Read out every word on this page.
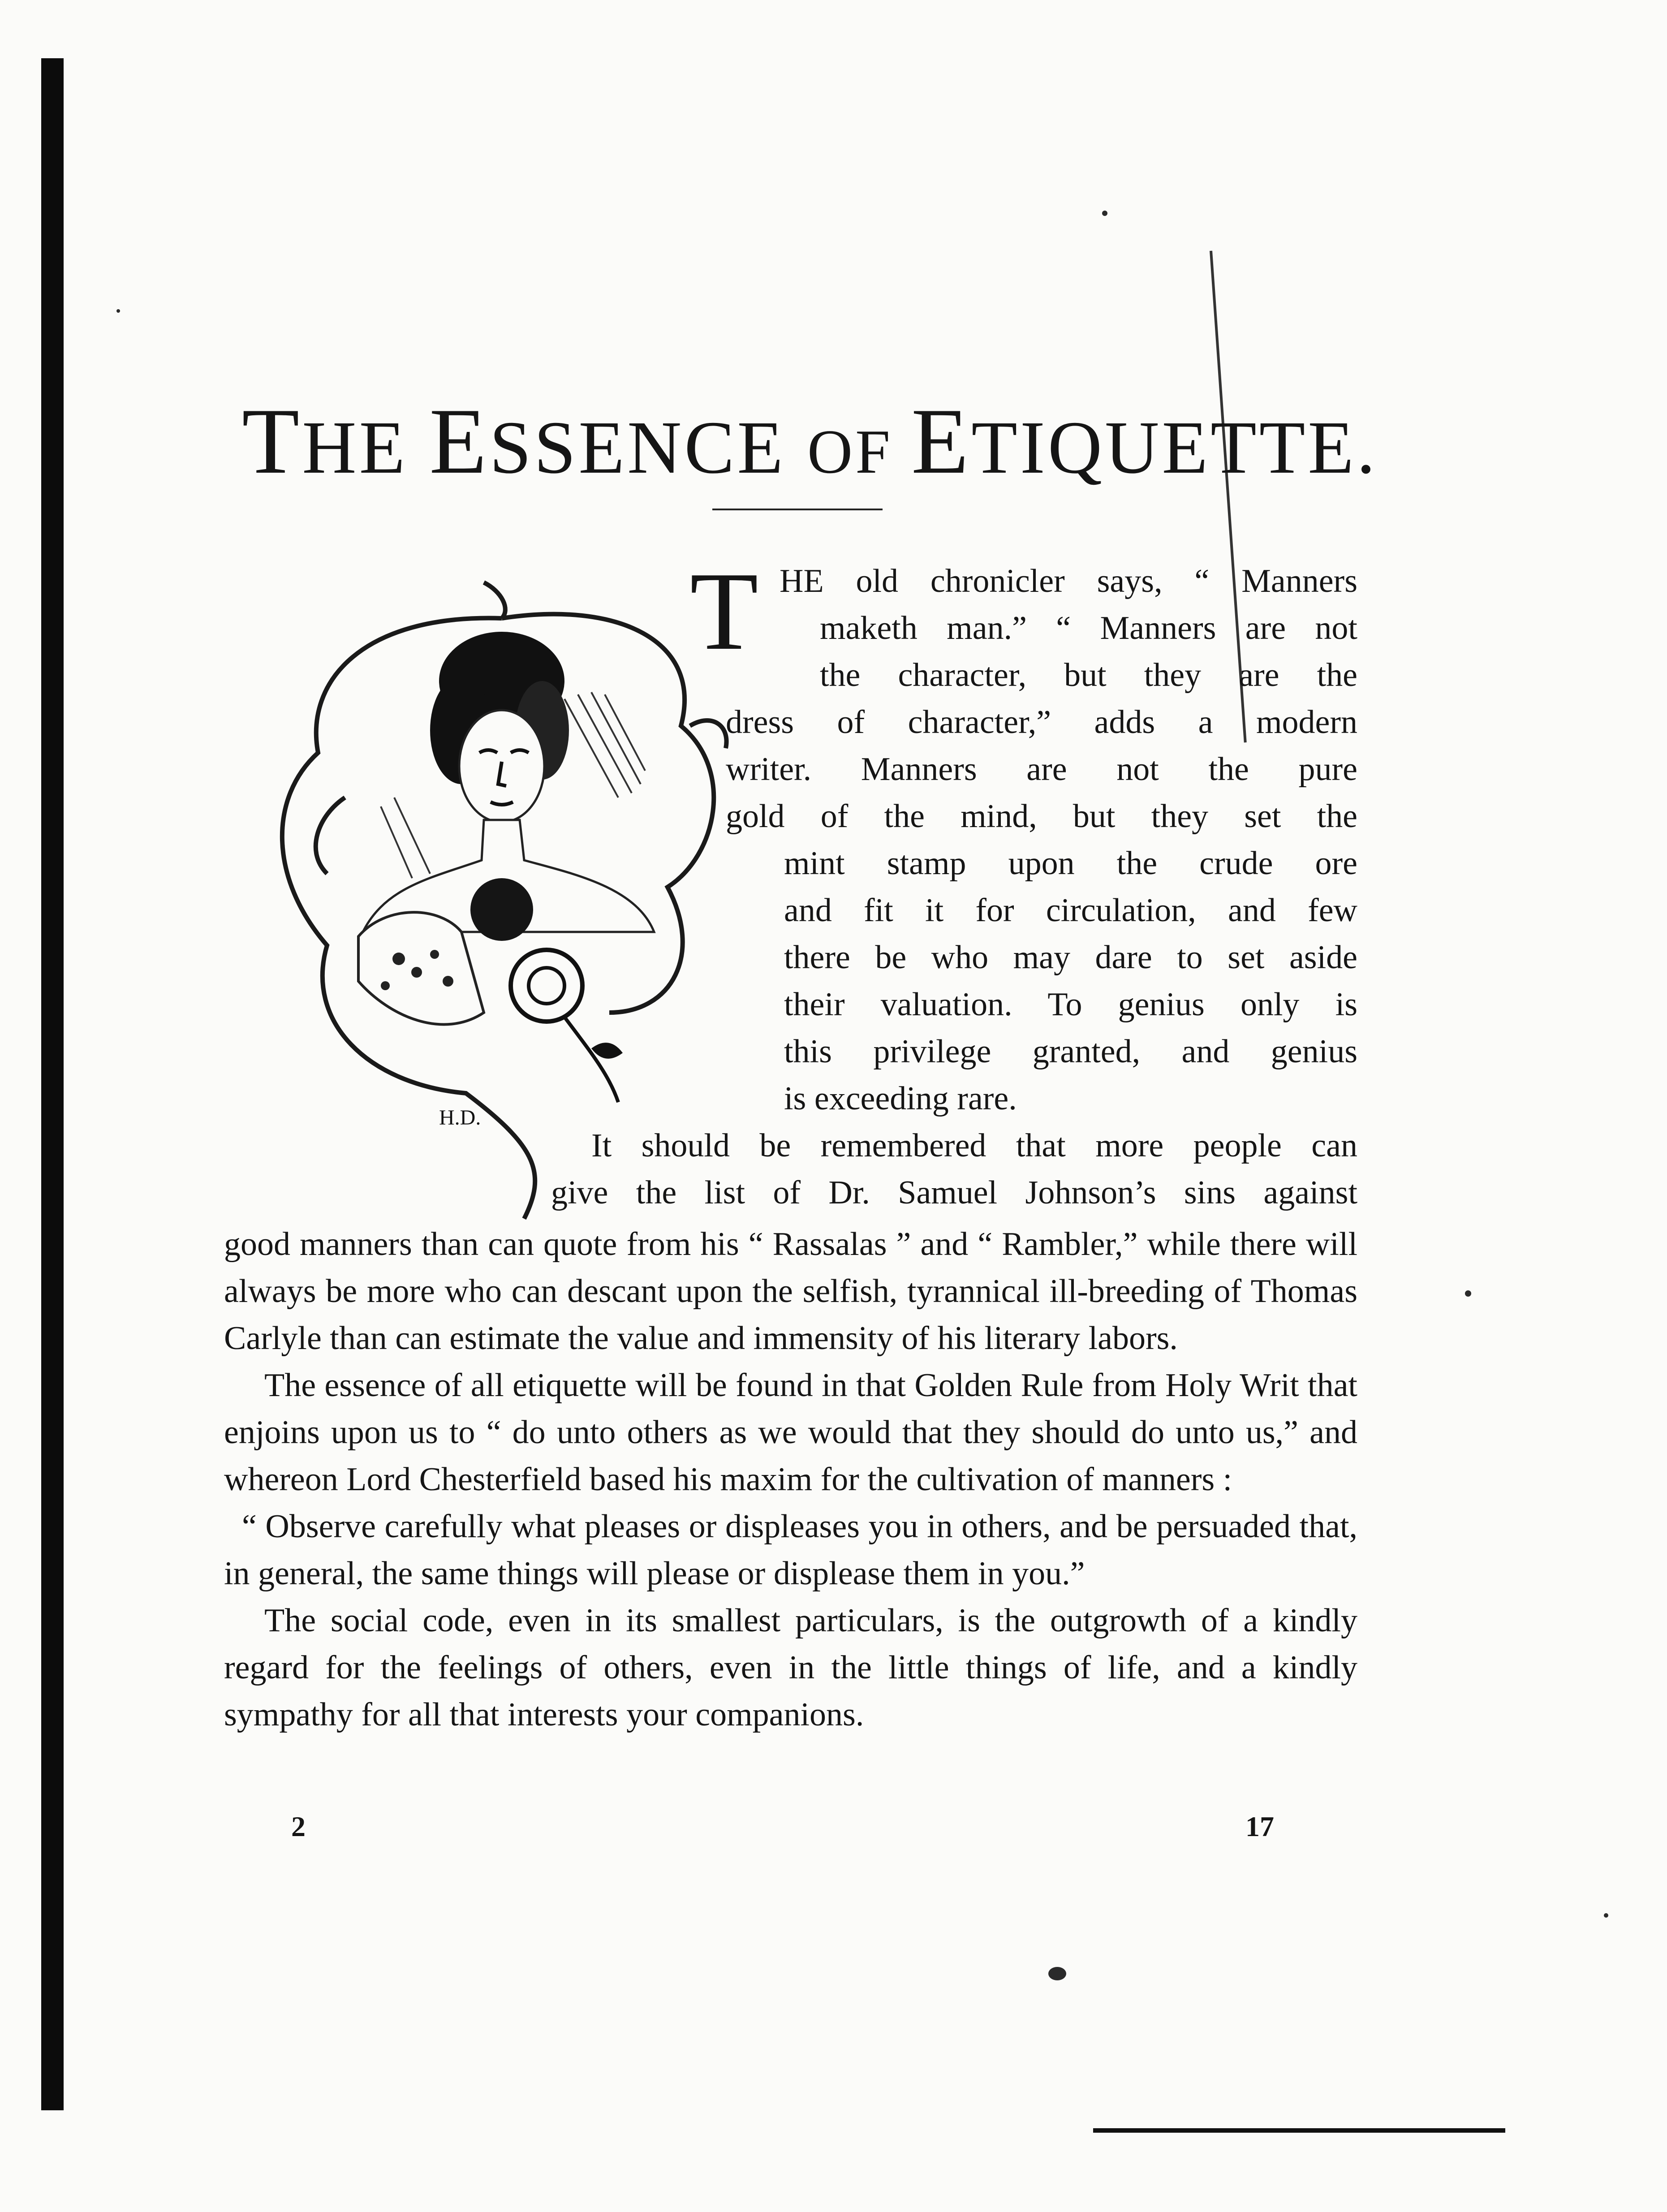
THE ESSENCE OF ETIQUETTE.
H.D.
T HE old chronicler says, “ Manners
maketh man.” “ Manners are not
the character, but they are the
dress of character,” adds a modern
writer. Manners are not the pure
gold of the mind, but they set the
mint stamp upon the crude ore
and fit it for circulation, and few
there be who may dare to set aside
their valuation. To genius only is
this privilege granted, and genius
is exceeding rare.
It should be remembered that more people can
give the list of Dr. Samuel Johnson’s sins against

good manners than can quote from his “ Rassalas ” and “ Rambler,” while there will always be more who can descant upon the selfish, tyrannical ill-breeding of Thomas Carlyle than can estimate the value and immensity of his literary labors.

The essence of all etiquette will be found in that Golden Rule from Holy Writ that enjoins upon us to “ do unto others as we would that they should do unto us,” and whereon Lord Chesterfield based his maxim for the cultivation of manners :

“ Observe carefully what pleases or displeases you in others, and be persuaded that, in general, the same things will please or displease them in you.”

The social code, even in its smallest particulars, is the outgrowth of a kindly regard for the feelings of others, even in the little things of life, and a kindly sympathy for all that interests your companions.

2	17
